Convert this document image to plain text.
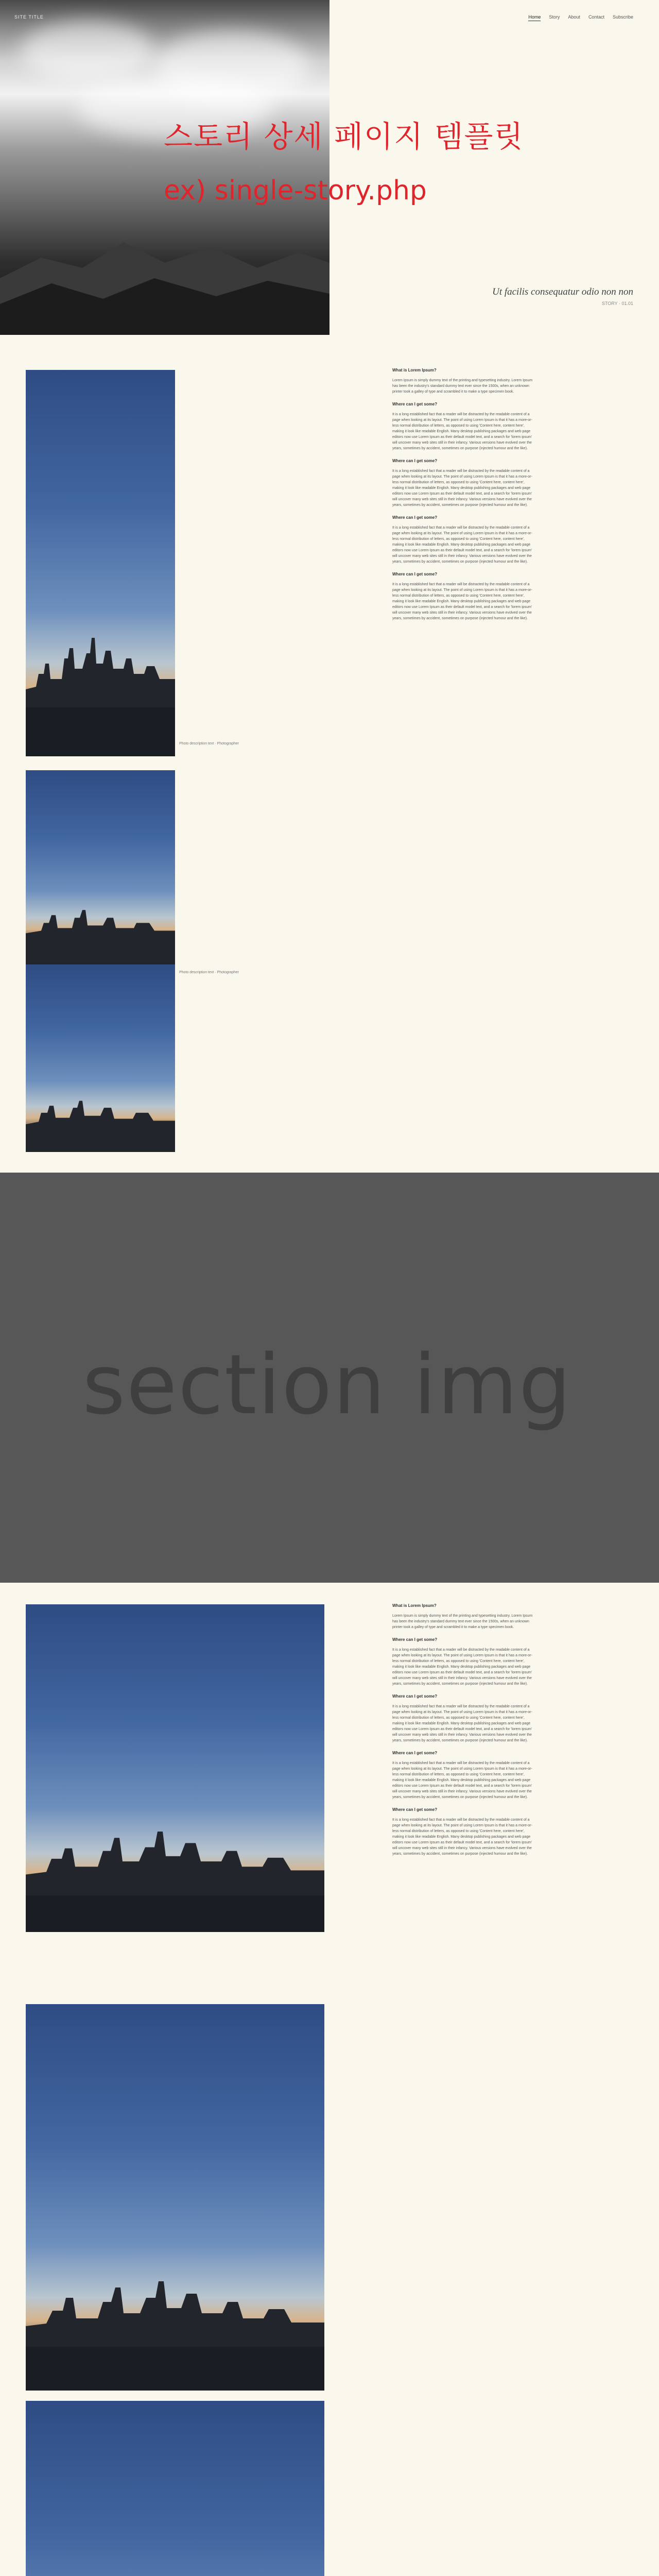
SITE TITLE	Home Story About Contact Subscribe
스토리 상세 페이지 템플릿
ex) single-story.php
Ut facilis consequatur odio non non
STORY · 01.01
Photo description text · Photographer
Photo description text · Photographer
What is Lorem Ipsum?

Lorem Ipsum is simply dummy text of the printing and typesetting industry. Lorem Ipsum has been the industry's standard dummy text ever since the 1500s, when an unknown printer took a galley of type and scrambled it to make a type specimen book.

Where can I get some?

It is a long established fact that a reader will be distracted by the readable content of a page when looking at its layout. The point of using Lorem Ipsum is that it has a more-or-less normal distribution of letters, as opposed to using 'Content here, content here', making it look like readable English. Many desktop publishing packages and web page editors now use Lorem Ipsum as their default model text, and a search for 'lorem ipsum' will uncover many web sites still in their infancy. Various versions have evolved over the years, sometimes by accident, sometimes on purpose (injected humour and the like).

Where can I get some?

It is a long established fact that a reader will be distracted by the readable content of a page when looking at its layout. The point of using Lorem Ipsum is that it has a more-or-less normal distribution of letters, as opposed to using 'Content here, content here', making it look like readable English. Many desktop publishing packages and web page editors now use Lorem Ipsum as their default model text, and a search for 'lorem ipsum' will uncover many web sites still in their infancy. Various versions have evolved over the years, sometimes by accident, sometimes on purpose (injected humour and the like).

Where can I get some?

It is a long established fact that a reader will be distracted by the readable content of a page when looking at its layout. The point of using Lorem Ipsum is that it has a more-or-less normal distribution of letters, as opposed to using 'Content here, content here', making it look like readable English. Many desktop publishing packages and web page editors now use Lorem Ipsum as their default model text, and a search for 'lorem ipsum' will uncover many web sites still in their infancy. Various versions have evolved over the years, sometimes by accident, sometimes on purpose (injected humour and the like).

Where can I get some?

It is a long established fact that a reader will be distracted by the readable content of a page when looking at its layout. The point of using Lorem Ipsum is that it has a more-or-less normal distribution of letters, as opposed to using 'Content here, content here', making it look like readable English. Many desktop publishing packages and web page editors now use Lorem Ipsum as their default model text, and a search for 'lorem ipsum' will uncover many web sites still in their infancy. Various versions have evolved over the years, sometimes by accident, sometimes on purpose (injected humour and the like).

section img
What is Lorem Ipsum?

Lorem Ipsum is simply dummy text of the printing and typesetting industry. Lorem Ipsum has been the industry's standard dummy text ever since the 1500s, when an unknown printer took a galley of type and scrambled it to make a type specimen book.

Where can I get some?

It is a long established fact that a reader will be distracted by the readable content of a page when looking at its layout. The point of using Lorem Ipsum is that it has a more-or-less normal distribution of letters, as opposed to using 'Content here, content here', making it look like readable English. Many desktop publishing packages and web page editors now use Lorem Ipsum as their default model text, and a search for 'lorem ipsum' will uncover many web sites still in their infancy. Various versions have evolved over the years, sometimes by accident, sometimes on purpose (injected humour and the like).

Where can I get some?

It is a long established fact that a reader will be distracted by the readable content of a page when looking at its layout. The point of using Lorem Ipsum is that it has a more-or-less normal distribution of letters, as opposed to using 'Content here, content here', making it look like readable English. Many desktop publishing packages and web page editors now use Lorem Ipsum as their default model text, and a search for 'lorem ipsum' will uncover many web sites still in their infancy. Various versions have evolved over the years, sometimes by accident, sometimes on purpose (injected humour and the like).

Where can I get some?

It is a long established fact that a reader will be distracted by the readable content of a page when looking at its layout. The point of using Lorem Ipsum is that it has a more-or-less normal distribution of letters, as opposed to using 'Content here, content here', making it look like readable English. Many desktop publishing packages and web page editors now use Lorem Ipsum as their default model text, and a search for 'lorem ipsum' will uncover many web sites still in their infancy. Various versions have evolved over the years, sometimes by accident, sometimes on purpose (injected humour and the like).

Where can I get some?

It is a long established fact that a reader will be distracted by the readable content of a page when looking at its layout. The point of using Lorem Ipsum is that it has a more-or-less normal distribution of letters, as opposed to using 'Content here, content here', making it look like readable English. Many desktop publishing packages and web page editors now use Lorem Ipsum as their default model text, and a search for 'lorem ipsum' will uncover many web sites still in their infancy. Various versions have evolved over the years, sometimes by accident, sometimes on purpose (injected humour and the like).
